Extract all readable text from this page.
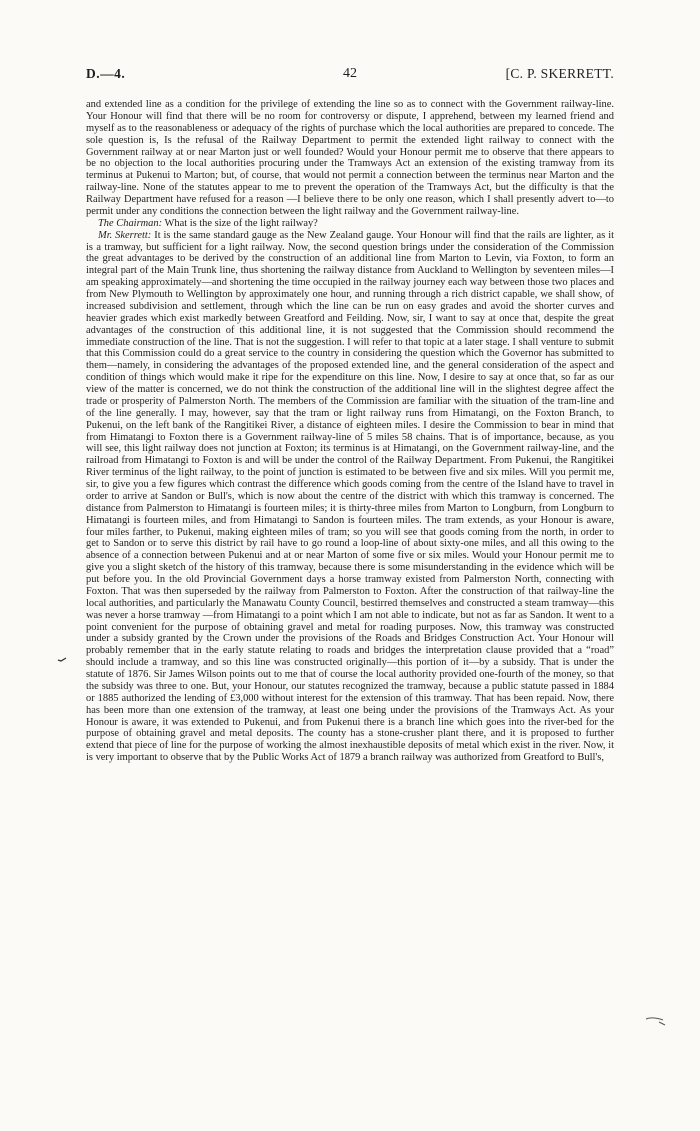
D.—4.	42	[C. P. SKERRETT.

and extended line as a condition for the privilege of extending the line so as to connect with the Government railway-line. Your Honour will find that there will be no room for controversy or dispute, I apprehend, between my learned friend and myself as to the reasonableness or adequacy of the rights of purchase which the local authorities are prepared to concede. The sole question is, Is the refusal of the Railway Department to permit the extended light railway to connect with the Government railway at or near Marton just or well founded? Would your Honour permit me to observe that there appears to be no objection to the local authorities procuring under the Tramways Act an extension of the existing tramway from its terminus at Pukenui to Marton; but, of course, that would not permit a connection between the terminus near Marton and the railway-line. None of the statutes appear to me to prevent the operation of the Tramways Act, but the difficulty is that the Railway Department have refused for a reason —I believe there to be only one reason, which I shall presently advert to—to permit under any conditions the connection between the light railway and the Government railway-line.

The Chairman: What is the size of the light railway?

Mr. Skerrett: It is the same standard gauge as the New Zealand gauge. Your Honour will find that the rails are lighter, as it is a tramway, but sufficient for a light railway. Now, the second question brings under the consideration of the Commission the great advantages to be derived by the construction of an additional line from Marton to Levin, via Foxton, to form an integral part of the Main Trunk line, thus shortening the railway distance from Auckland to Wellington by seventeen miles—I am speaking approximately—and shortening the time occupied in the railway journey each way between those two places and from New Plymouth to Wellington by approximately one hour, and running through a rich district capable, we shall show, of increased subdivision and settlement, through which the line can be run on easy grades and avoid the shorter curves and heavier grades which exist markedly between Greatford and Feilding. Now, sir, I want to say at once that, despite the great advantages of the construction of this additional line, it is not suggested that the Commission should recommend the immediate construction of the line. That is not the suggestion. I will refer to that topic at a later stage. I shall venture to submit that this Commission could do a great service to the country in considering the question which the Governor has submitted to them—namely, in considering the advantages of the proposed extended line, and the general consideration of the aspect and condition of things which would make it ripe for the expenditure on this line. Now, I desire to say at once that, so far as our view of the matter is concerned, we do not think the construction of the additional line will in the slightest degree affect the trade or prosperity of Palmerston North. The members of the Commission are familiar with the situation of the tram-line and of the line generally. I may, however, say that the tram or light railway runs from Himatangi, on the Foxton Branch, to Pukenui, on the left bank of the Rangitikei River, a distance of eighteen miles. I desire the Commission to bear in mind that from Himatangi to Foxton there is a Government railway-line of 5 miles 58 chains. That is of importance, because, as you will see, this light railway does not junction at Foxton; its terminus is at Himatangi, on the Government railway-line, and the railroad from Himatangi to Foxton is and will be under the control of the Railway Department. From Pukenui, the Rangitikei River terminus of the light railway, to the point of junction is estimated to be between five and six miles. Will you permit me, sir, to give you a few figures which contrast the difference which goods coming from the centre of the Island have to travel in order to arrive at Sandon or Bull's, which is now about the centre of the district with which this tramway is concerned. The distance from Palmerston to Himatangi is fourteen miles; it is thirty-three miles from Marton to Longburn, from Longburn to Himatangi is fourteen miles, and from Himatangi to Sandon is fourteen miles. The tram extends, as your Honour is aware, four miles farther, to Pukenui, making eighteen miles of tram; so you will see that goods coming from the north, in order to get to Sandon or to serve this district by rail have to go round a loop-line of about sixty-one miles, and all this owing to the absence of a connection between Pukenui and at or near Marton of some five or six miles. Would your Honour permit me to give you a slight sketch of the history of this tramway, because there is some misunderstanding in the evidence which will be put before you. In the old Provincial Government days a horse tramway existed from Palmerston North, connecting with Foxton. That was then superseded by the railway from Palmerston to Foxton. After the construction of that railway-line the local authorities, and particularly the Manawatu County Council, bestirred themselves and constructed a steam tramway—this was never a horse tramway —from Himatangi to a point which I am not able to indicate, but not as far as Sandon. It went to a point convenient for the purpose of obtaining gravel and metal for roading purposes. Now, this tramway was constructed under a subsidy granted by the Crown under the provisions of the Roads and Bridges Construction Act. Your Honour will probably remember that in the early statute relating to roads and bridges the interpretation clause provided that a “road” should include a tramway, and so this line was constructed originally—this portion of it—by a subsidy. That is under the statute of 1876. Sir James Wilson points out to me that of course the local authority provided one-fourth of the money, so that the subsidy was three to one. But, your Honour, our statutes recognized the tramway, because a public statute passed in 1884 or 1885 authorized the lending of £3,000 without interest for the extension of this tramway. That has been repaid. Now, there has been more than one extension of the tramway, at least one being under the provisions of the Tramways Act. As your Honour is aware, it was extended to Pukenui, and from Pukenui there is a branch line which goes into the river-bed for the purpose of obtaining gravel and metal deposits. The county has a stone-crusher plant there, and it is proposed to further extend that piece of line for the purpose of working the almost inexhaustible deposits of metal which exist in the river. Now, it is very important to observe that by the Public Works Act of 1879 a branch railway was authorized from Greatford to Bull's,
